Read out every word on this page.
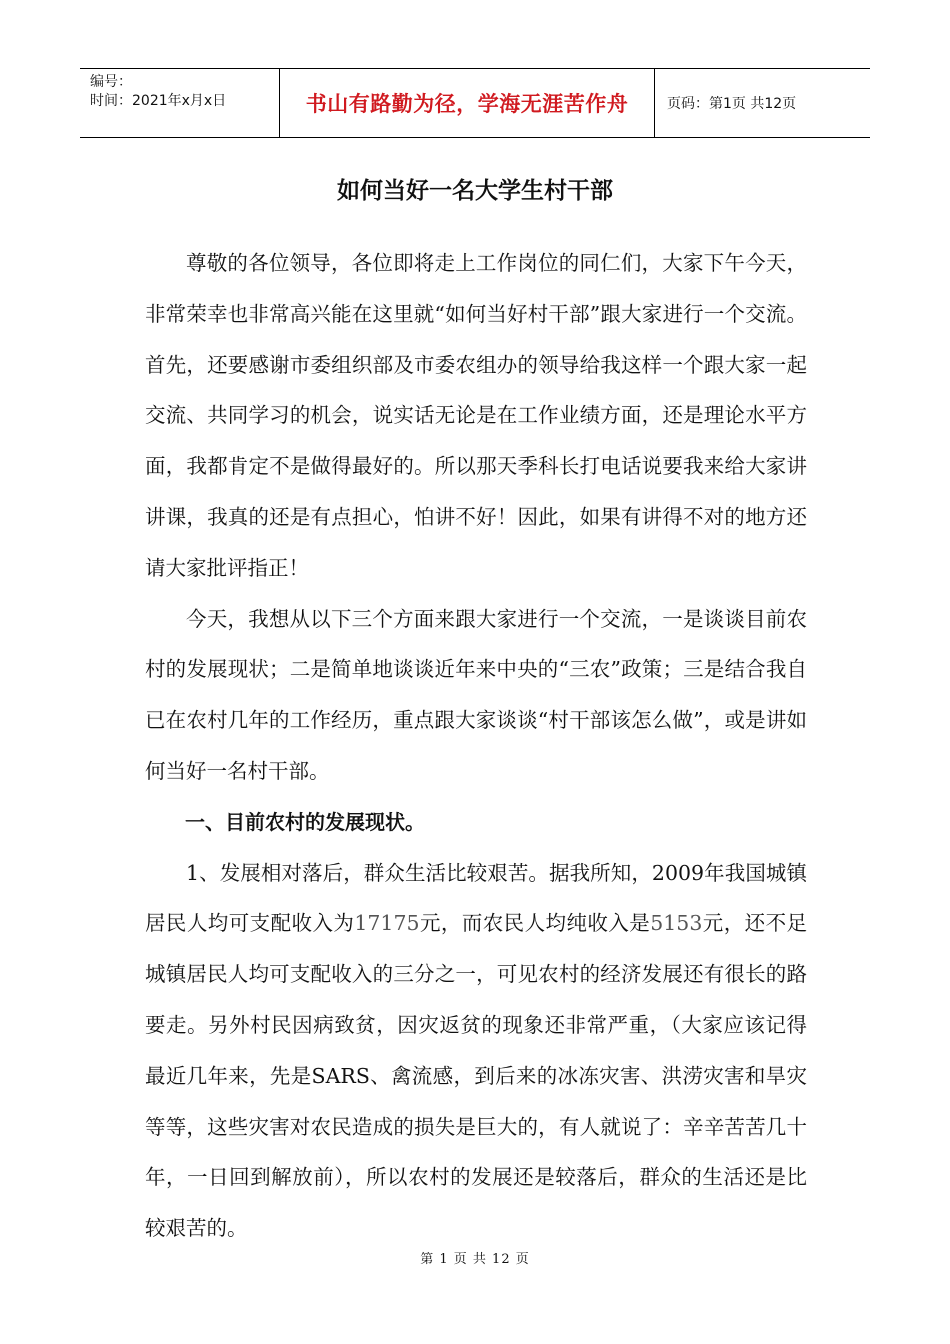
编号：
时间：2021年x月x日	书山有路勤为径，学海无涯苦作舟	页码：第1页 共12页
如何当好一名大学生村干部

尊敬的各位领导，各位即将走上工作岗位的同仁们，大家下午今天，非常荣幸也非常高兴能在这里就“如何当好村干部”跟大家进行一个交流。首先，还要感谢市委组织部及市委农组办的领导给我这样一个跟大家一起交流、共同学习的机会，说实话无论是在工作业绩方面，还是理论水平方面，我都肯定不是做得最好的。所以那天季科长打电话说要我来给大家讲讲课，我真的还是有点担心，怕讲不好！因此，如果有讲得不对的地方还请大家批评指正！

今天，我想从以下三个方面来跟大家进行一个交流，一是谈谈目前农村的发展现状；二是简单地谈谈近年来中央的“三农”政策；三是结合我自已在农村几年的工作经历，重点跟大家谈谈“村干部该怎么做”，或是讲如何当好一名村干部。

一、目前农村的发展现状。

1、发展相对落后，群众生活比较艰苦。据我所知，2009年我国城镇居民人均可支配收入为17175元，而农民人均纯收入是5153元，还不足城镇居民人均可支配收入的三分之一，可见农村的经济发展还有很长的路要走。另外村民因病致贫，因灾返贫的现象还非常严重，（大家应该记得最近几年来，先是SARS、禽流感，到后来的冰冻灾害、洪涝灾害和旱灾等等，这些灾害对农民造成的损失是巨大的，有人就说了：辛辛苦苦几十年，一日回到解放前），所以农村的发展还是较落后，群众的生活还是比较艰苦的。

第 1 页 共 12 页
